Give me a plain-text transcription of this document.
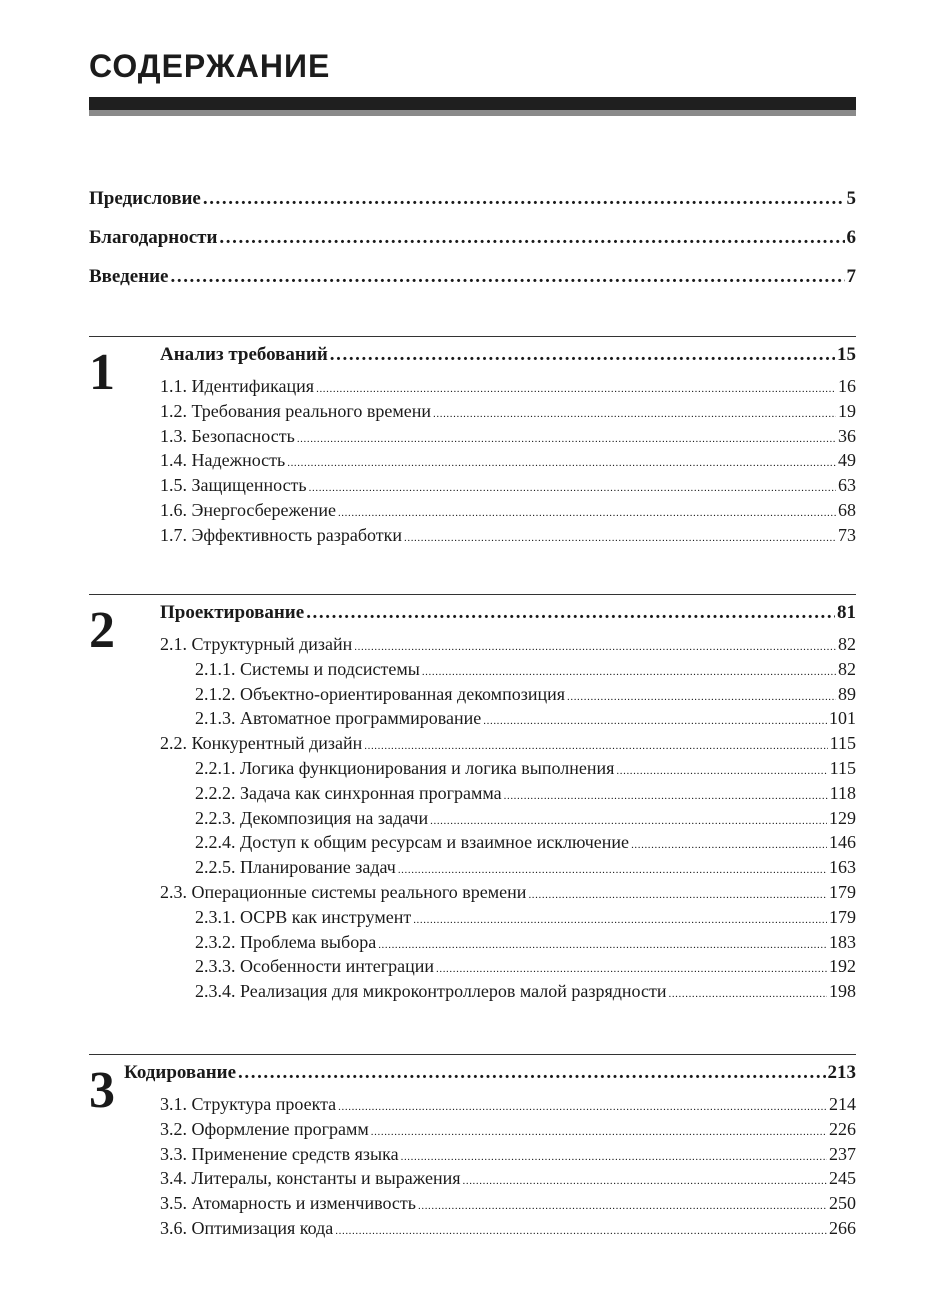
СОДЕРЖАНИЕ
Предисловие .....	5
Благодарности .....	6
Введение .....	7
1 Анализ требований .....	15
1.1. Идентификация .....	16
1.2. Требования реального времени .....	19
1.3. Безопасность .....	36
1.4. Надежность .....	49
1.5. Защищенность .....	63
1.6. Энергосбережение .....	68
1.7. Эффективность разработки .....	73
2 Проектирование .....	81
2.1. Структурный дизайн .....	82
2.1.1. Системы и подсистемы .....	82
2.1.2. Объектно-ориентированная декомпозиция .....	89
2.1.3. Автоматное программирование .....	101
2.2. Конкурентный дизайн .....	115
2.2.1. Логика функционирования и логика выполнения .....	115
2.2.2. Задача как синхронная программа .....	118
2.2.3. Декомпозиция на задачи .....	129
2.2.4. Доступ к общим ресурсам и взаимное исключение .....	146
2.2.5. Планирование задач .....	163
2.3. Операционные системы реального времени .....	179
2.3.1. ОСРВ как инструмент .....	179
2.3.2. Проблема выбора .....	183
2.3.3. Особенности интеграции .....	192
2.3.4. Реализация для микроконтроллеров малой разрядности .....	198
3 Кодирование .....	213
3.1. Структура проекта .....	214
3.2. Оформление программ .....	226
3.3. Применение средств языка .....	237
3.4. Литералы, константы и выражения .....	245
3.5. Атомарность и изменчивость .....	250
3.6. Оптимизация кода .....	266
